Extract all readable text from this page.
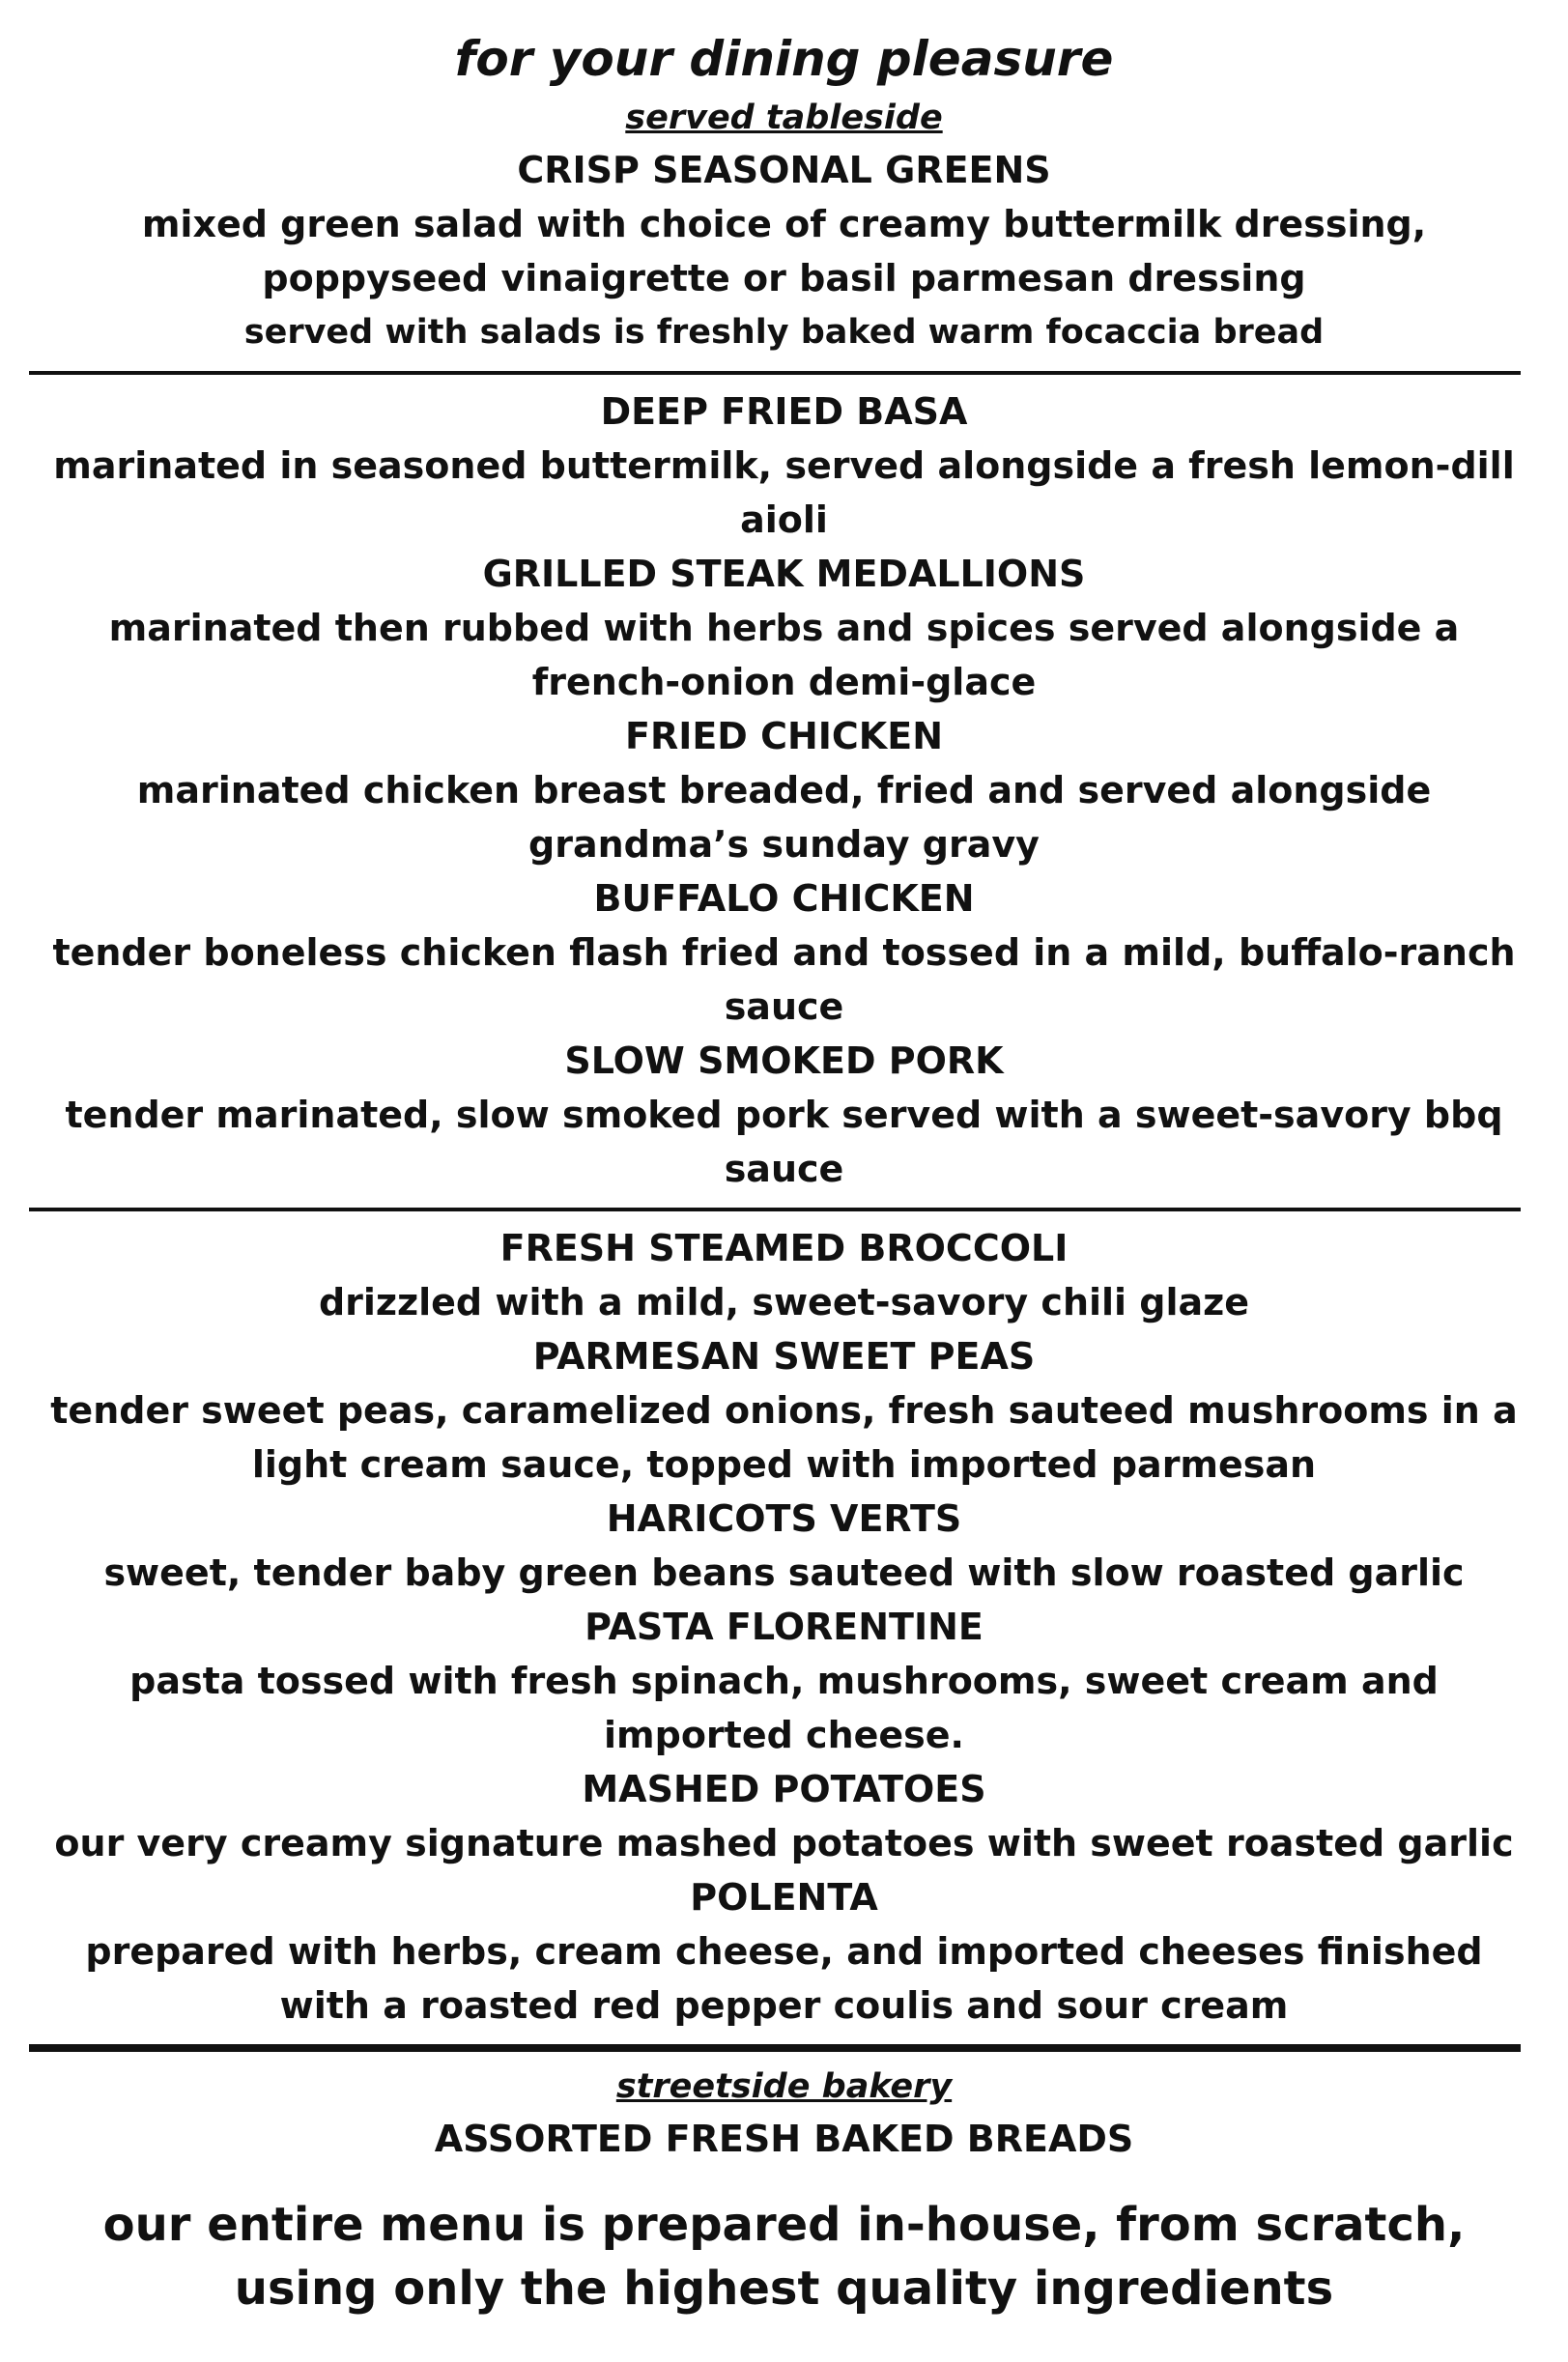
for your dining pleasure
served tableside
CRISP SEASONAL GREENS
mixed green salad with choice of creamy buttermilk dressing, poppyseed vinaigrette or basil parmesan dressing
served with salads is freshly baked warm focaccia bread
DEEP FRIED BASA
marinated in seasoned buttermilk, served alongside a fresh lemon-dill aioli
GRILLED STEAK MEDALLIONS
marinated then rubbed with herbs and spices served alongside a french-onion demi-glace
FRIED CHICKEN
marinated chicken breast breaded, fried and served alongside grandma’s sunday gravy
BUFFALO CHICKEN
tender boneless chicken flash fried and tossed in a mild, buffalo-ranch sauce
SLOW SMOKED PORK
tender marinated, slow smoked pork served with a sweet-savory bbq sauce
FRESH STEAMED BROCCOLI
drizzled with a mild, sweet-savory chili glaze
PARMESAN SWEET PEAS
tender sweet peas, caramelized onions, fresh sauteed mushrooms in a light cream sauce, topped with imported parmesan
HARICOTS VERTS
sweet, tender baby green beans sauteed with slow roasted garlic
PASTA FLORENTINE
pasta tossed with fresh spinach, mushrooms, sweet cream and imported cheese.
MASHED POTATOES
our very creamy signature mashed potatoes with sweet roasted garlic
POLENTA
prepared with herbs, cream cheese, and imported cheeses finished with a roasted red pepper coulis and sour cream
streetside bakery
ASSORTED FRESH BAKED BREADS
our entire menu is prepared in-house, from scratch, using only the highest quality ingredients
